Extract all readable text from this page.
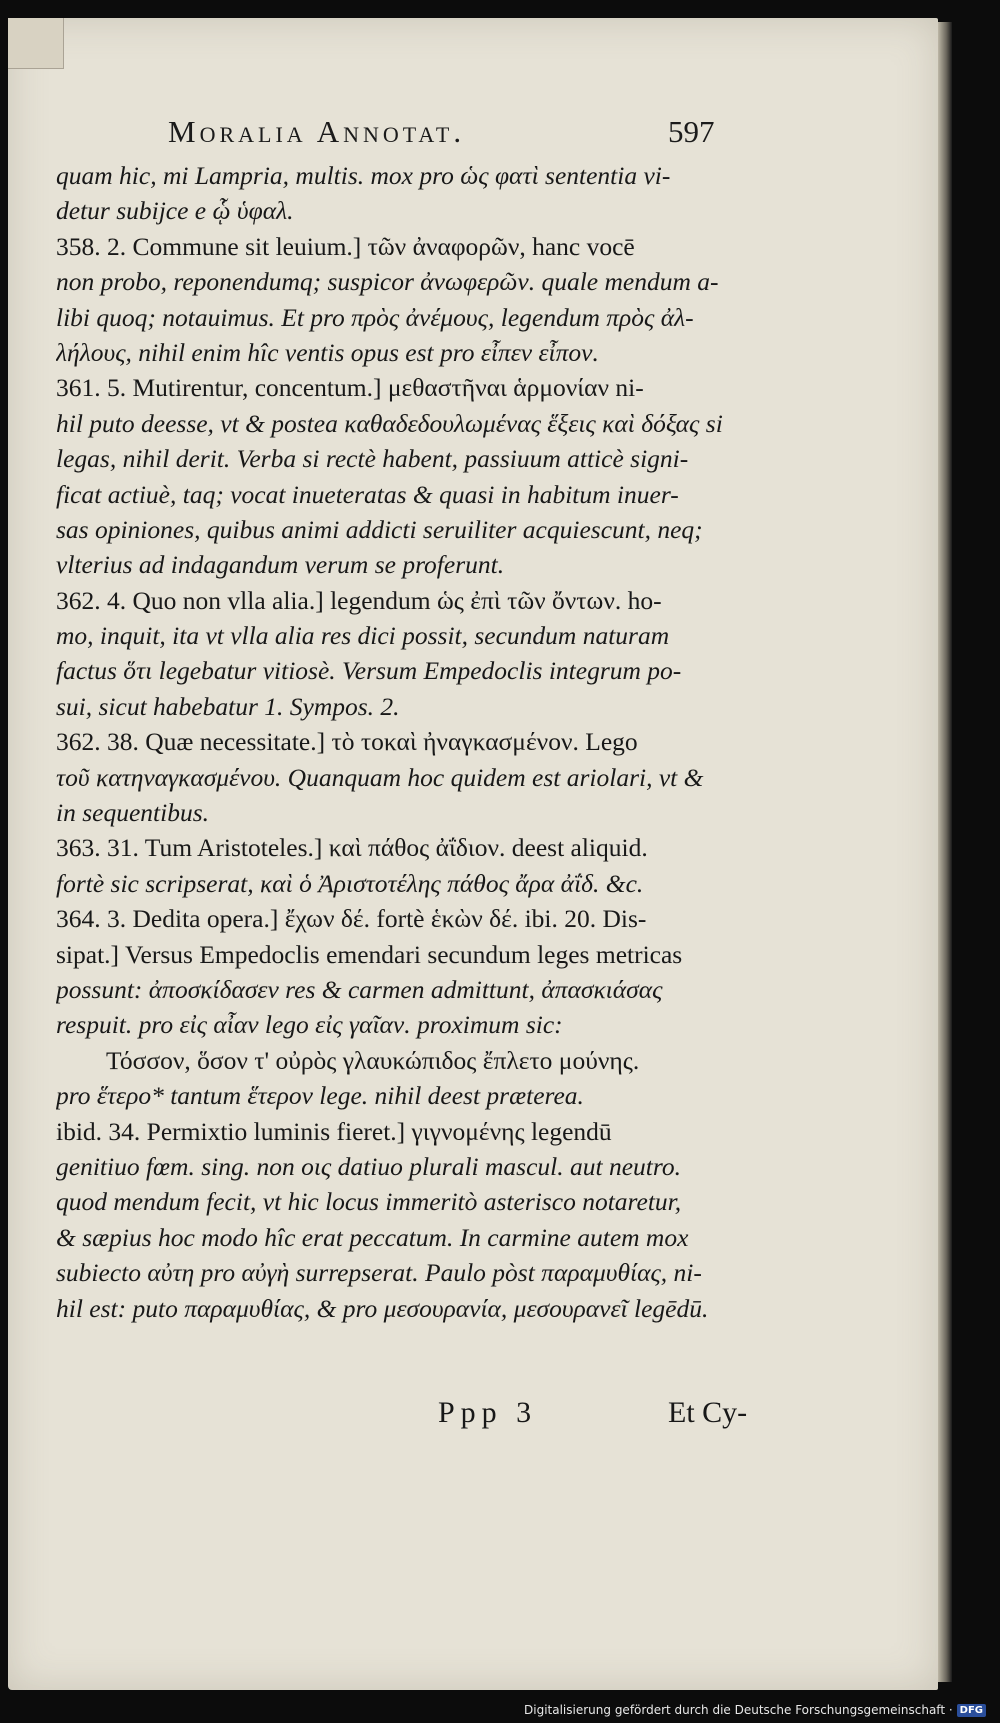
Moralia Annotat.	597
quam hic, mi Lampria, multis. mox pro ὡς φατὶ sententia vi-
detur subijce e ᾧ ὑφαλ.
358. 2. Commune sit leuium.] τῶν ἀναφορῶν, hanc vocē
non probo, reponendumq; suspicor ἀνωφερῶν. quale mendum a-
libi quoq; notauimus. Et pro πρὸς ἀνέμους, legendum πρὸς ἀλ-
λήλους, nihil enim hîc ventis opus est pro εἶπεν εἶπον.
361. 5. Mutirentur, concentum.] μεθαστῆναι ἁρμονίαν ni-
hil puto deesse, vt & postea καθαδεδουλωμένας ἕξεις καὶ δόξας si
legas, nihil derit. Verba si rectè habent, passiuum atticè signi-
ficat actiuè, taq; vocat inueteratas & quasi in habitum inuer-
sas opiniones, quibus animi addicti seruiliter acquiescunt, neq;
vlterius ad indagandum verum se proferunt.
362. 4. Quo non vlla alia.] legendum ὡς ἐπὶ τῶν ὄντων. ho-
mo, inquit, ita vt vlla alia res dici possit, secundum naturam
factus ὅτι legebatur vitiosè. Versum Empedoclis integrum po-
sui, sicut habebatur 1. Sympos. 2.
362. 38. Quæ necessitate.] τὸ τοκαὶ ἠναγκασμένον. Lego
τοῦ κατηναγκασμένου. Quanquam hoc quidem est ariolari, vt &
in sequentibus.
363. 31. Tum Aristoteles.] καὶ πάθος ἀΐδιον. deest aliquid.
fortè sic scripserat, καὶ ὁ Ἀριστοτέλης πάθος ἄρα ἀΐδ. &c.
364. 3. Dedita opera.] ἔχων δέ. fortè ἑκὼν δέ. ibi. 20. Dis-
sipat.] Versus Empedoclis emendari secundum leges metricas
possunt: ἀποσκίδασεν res & carmen admittunt, ἀπασκιάσας
respuit. pro εἰς αἶαν lego εἰς γαῖαν. proximum sic:
Τόσσον, ὅσον τ' οὐρὸς γλαυκώπιδος ἔπλετο μούνης.
pro ἕτερο* tantum ἕτερον lege. nihil deest præterea.
ibid. 34. Permixtio luminis fieret.] γιγνομένης legendū
genitiuo fœm. sing. non οις datiuo plurali mascul. aut neutro.
quod mendum fecit, vt hic locus immeritò asterisco notaretur,
& sæpius hoc modo hîc erat peccatum. In carmine autem mox
subiecto αὐτη pro αὐγὴ surrepserat. Paulo pòst παραμυθίας, ni-
hil est: puto παραμυθίας, & pro μεσουρανία, μεσουρανεῖ legēdū.
Ppp 3	Et Cy-
Digitalisierung gefördert durch die Deutsche Forschungsgemeinschaft · DFG
